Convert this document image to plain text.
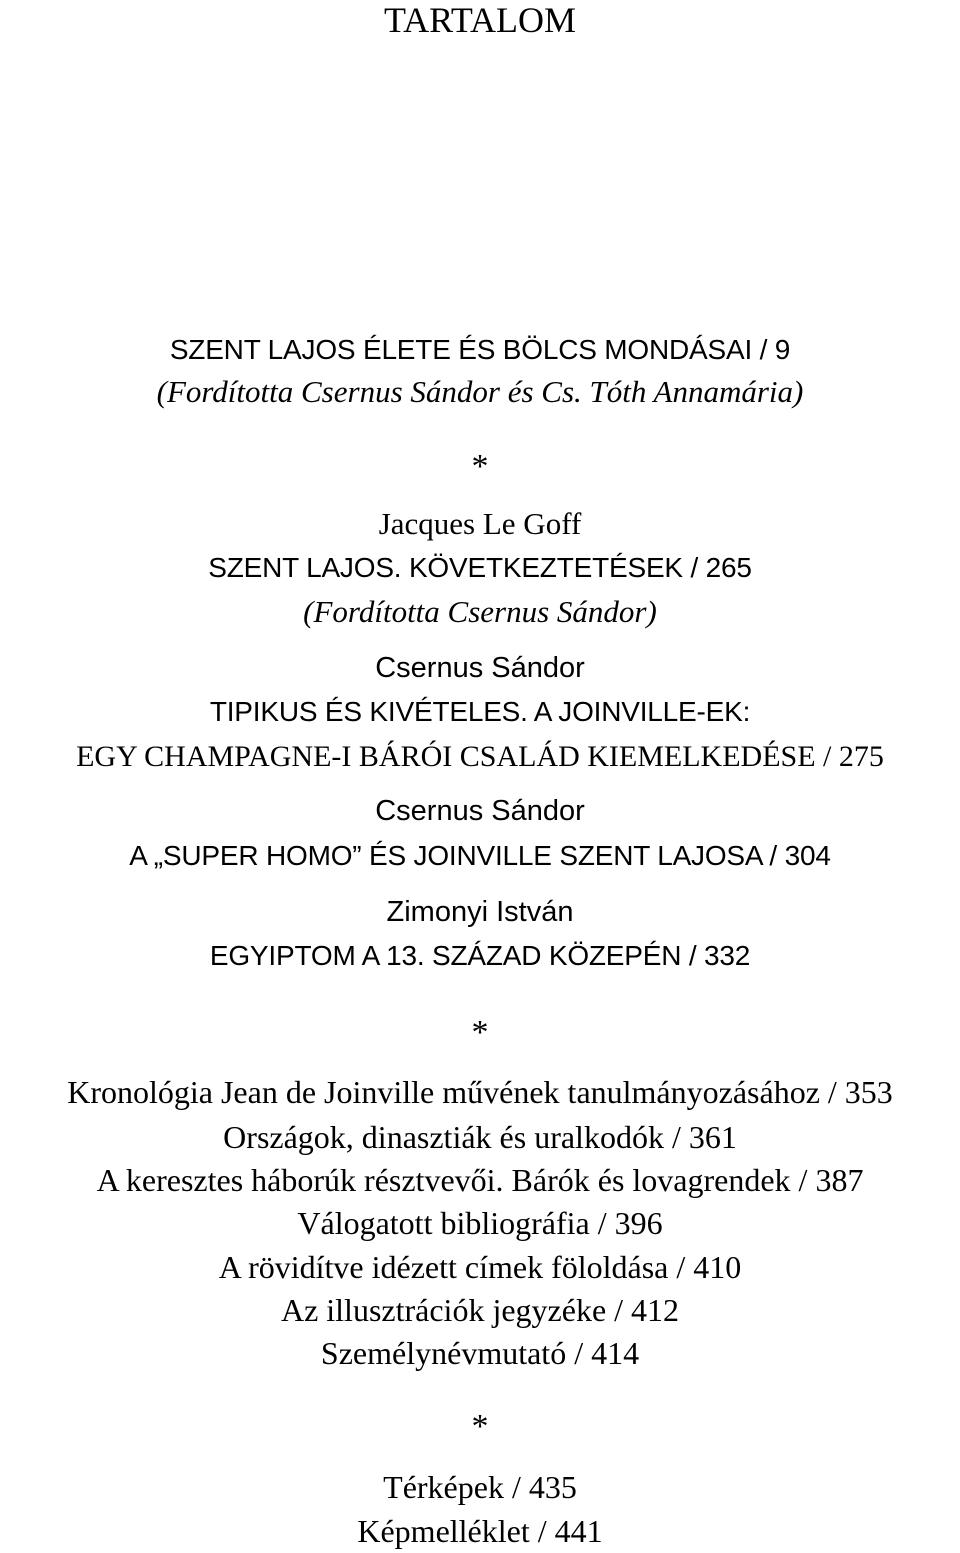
TARTALOM
SZENT LAJOS ÉLETE ÉS BÖLCS MONDÁSAI / 9
(Fordította Csernus Sándor és Cs. Tóth Annamária)
*
Jacques Le Goff
SZENT LAJOS. KÖVETKEZTETÉSEK / 265
(Fordította Csernus Sándor)
Csernus Sándor
TIPIKUS ÉS KIVÉTELES. A JOINVILLE-EK:
EGY CHAMPAGNE-I BÁRÓI CSALÁD KIEMELKEDÉSE / 275
Csernus Sándor
A „SUPER HOMO” ÉS JOINVILLE SZENT LAJOSA / 304
Zimonyi István
EGYIPTOM A 13. SZÁZAD KÖZEPÉN / 332
*
Kronológia Jean de Joinville művének tanulmányozásához / 353
Országok, dinasztiák és uralkodók / 361
A keresztes háborúk résztvevői. Bárók és lovagrendek / 387
Válogatott bibliográfia / 396
A rövidítve idézett címek föloldása / 410
Az illusztrációk jegyzéke / 412
Személynévmutató / 414
*
Térképek / 435
Képmelléklet / 441
